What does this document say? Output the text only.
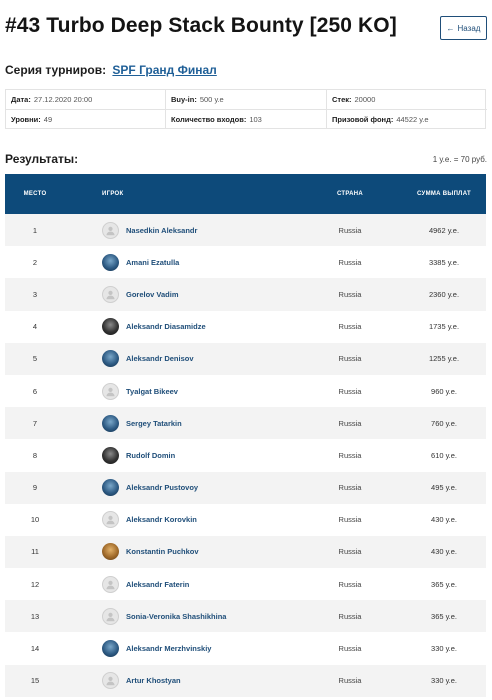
#43 Turbo Deep Stack Bounty [250 KO]	← Назад
Серия турниров: SPF Гранд Финал
Дата: 27.12.2020 20:00	Buy-in: 500 у.е	Стек: 20000
Уровни: 49	Количество входов: 103	Призовой фонд: 44522 у.е
Результаты:	1 у.е. = 70 руб.
МЕСТО	ИГРОК	СТРАНА	СУММА ВЫПЛАТ
1	Nasedkin Aleksandr	Russia	4962 у.е.
2	Amani Ezatulla	Russia	3385 у.е.
3	Gorelov Vadim	Russia	2360 у.е.
4	Aleksandr Diasamidze	Russia	1735 у.е.
5	Aleksandr Denisov	Russia	1255 у.е.
6	Tyalgat Bikeev	Russia	960 у.е.
7	Sergey Tatarkin	Russia	760 у.е.
8	Rudolf Domin	Russia	610 у.е.
9	Aleksandr Pustovoy	Russia	495 у.е.
10	Aleksandr Korovkin	Russia	430 у.е.
11	Konstantin Puchkov	Russia	430 у.е.
12	Aleksandr Faterin	Russia	365 у.е.
13	Sonia-Veronika Shashikhina	Russia	365 у.е.
14	Aleksandr Merzhvinskiy	Russia	330 у.е.
15	Artur Khostyan	Russia	330 у.е.
